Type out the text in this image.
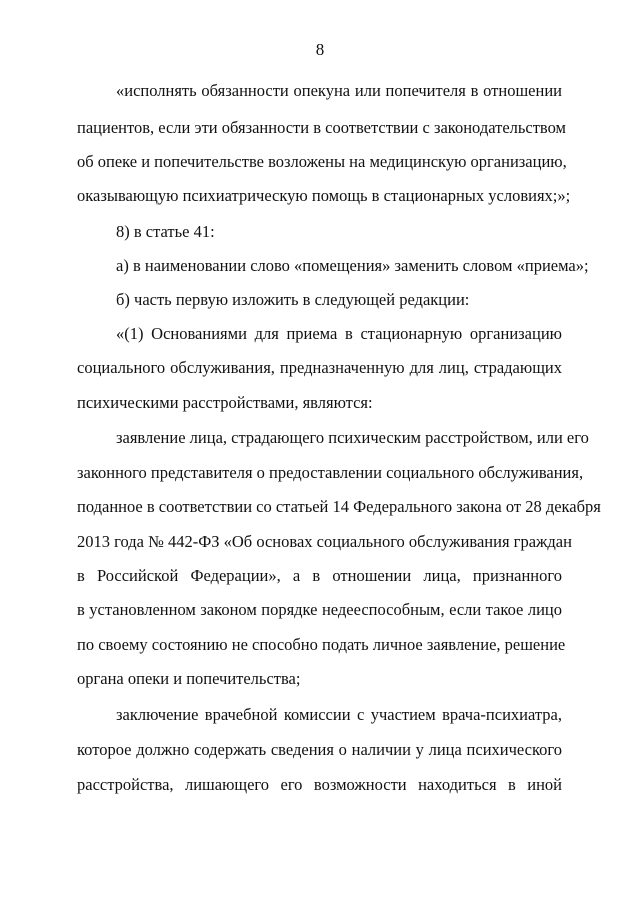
8
«исполнять обязанности опекуна или попечителя в отношении
пациентов, если эти обязанности в соответствии с законодательством
об опеке и попечительстве возложены на медицинскую организацию,
оказывающую психиатрическую помощь в стационарных условиях;»;
8) в статье 41:
а) в наименовании слово «помещения» заменить словом «приема»;
б) часть первую изложить в следующей редакции:
«(1) Основаниями для приема в стационарную организацию
социального обслуживания, предназначенную для лиц, страдающих
психическими расстройствами, являются:
заявление лица, страдающего психическим расстройством, или его
законного представителя о предоставлении социального обслуживания,
поданное в соответствии со статьей 14 Федерального закона от 28 декабря
2013 года № 442-ФЗ «Об основах социального обслуживания граждан
в Российской Федерации», а в отношении лица, признанного
в установленном законом порядке недееспособным, если такое лицо
по своему состоянию не способно подать личное заявление, решение
органа опеки и попечительства;
заключение врачебной комиссии с участием врача-психиатра,
которое должно содержать сведения о наличии у лица психического
расстройства, лишающего его возможности находиться в иной
